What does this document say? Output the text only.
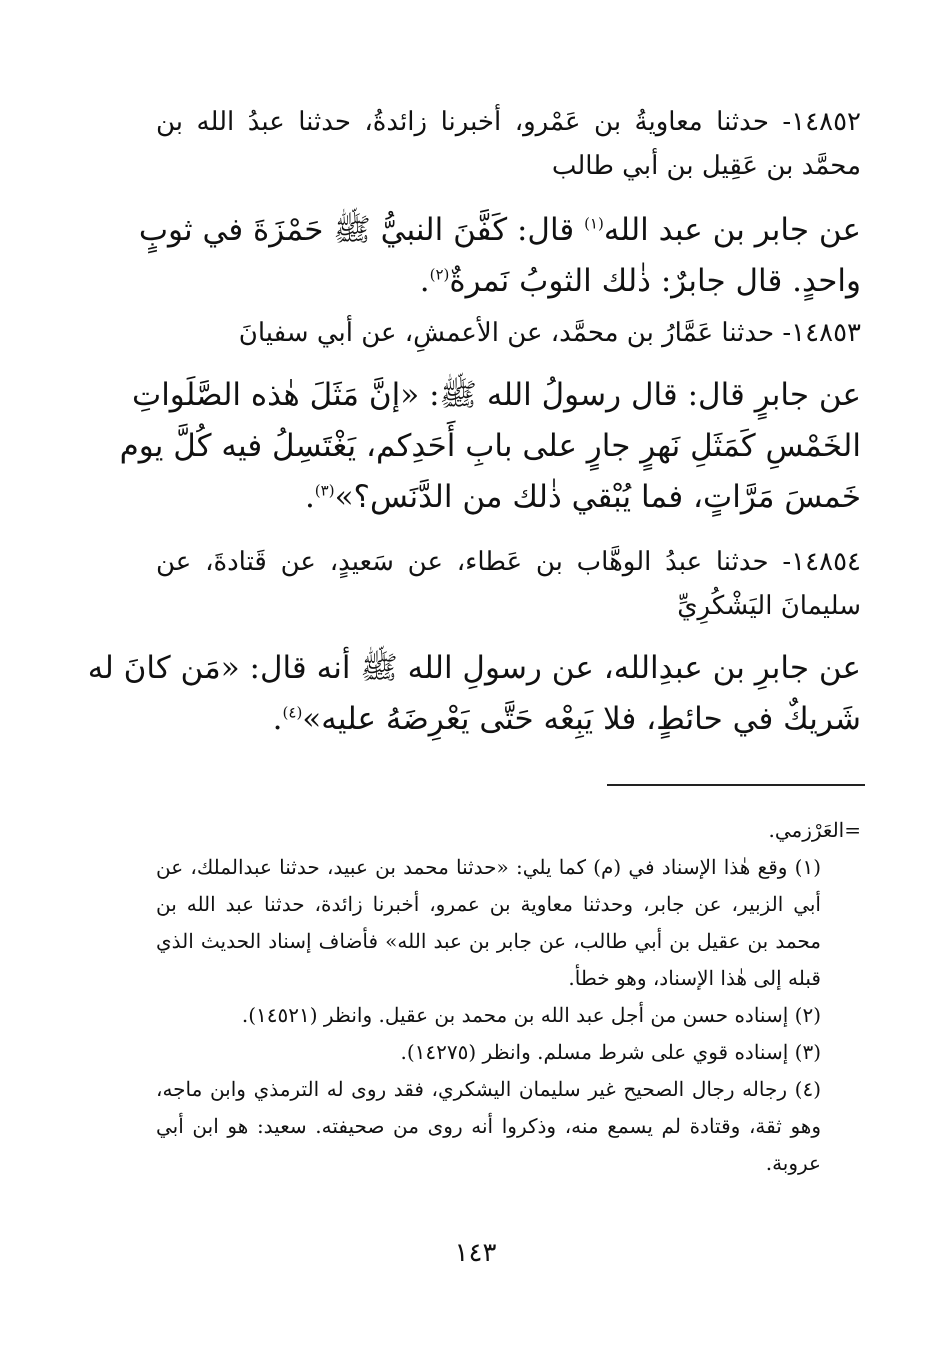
١٤٨٥٢- حدثنا معاويةُ بن عَمْرو، أخبرنا زائدةُ، حدثنا عبدُ الله بن
محمَّد بن عَقِيل بن أبي طالب
عن جابر بن عبد الله$^{(١)}$ قال: كَفَّنَ النبيُّ ﷺ حَمْزَةَ في ثوبٍ
واحدٍ. قال جابرٌ: ذٰلك الثوبُ نَمرةٌ$^{(٢)}$.
١٤٨٥٣- حدثنا عَمَّارُ بن محمَّد، عن الأعمشِ، عن أبي سفيانَ
عن جابرٍ قال: قال رسولُ الله ﷺ: «إنَّ مَثَلَ هٰذه الصَّلَواتِ
الخَمْسِ كَمَثَلِ نَهرٍ جارٍ على بابِ أَحَدِكم، يَغْتَسِلُ فيه كُلَّ يوم
خَمسَ مَرَّاتٍ، فما يُبْقي ذٰلك من الدَّنَس؟»$^{(٣)}$.
١٤٨٥٤- حدثنا عبدُ الوهَّاب بن عَطاء، عن سَعيدٍ، عن قَتادةَ، عن
سليمانَ اليَشْكُرِيِّ
عن جابرِ بن عبدِالله، عن رسولِ الله ﷺ أنه قال: «مَن كانَ له
شَريكٌ في حائطٍ، فلا يَبِعْه حَتَّى يَعْرِضَهُ عليه»$^{(٤)}$.

=العَرْزمي.

(١) وقع هٰذا الإسناد في (م) كما يلي: «حدثنا محمد بن عبيد، حدثنا عبدالملك، عن أبي الزبير، عن جابر، وحدثنا معاوية بن عمرو، أخبرنا زائدة، حدثنا عبد الله بن محمد بن عقيل بن أبي طالب، عن جابر بن عبد الله» فأضاف إسناد الحديث الذي قبله إلى هٰذا الإسناد، وهو خطأ.

(٢) إسناده حسن من أجل عبد الله بن محمد بن عقيل. وانظر (١٤٥٢١).

(٣) إسناده قوي على شرط مسلم. وانظر (١٤٢٧٥).

(٤) رجاله رجال الصحيح غير سليمان اليشكري، فقد روى له الترمذي وابن ماجه، وهو ثقة، وقتادة لم يسمع منه، وذكروا أنه روى من صحيفته. سعيد: هو ابن أبي عروبة.

١٤٣
